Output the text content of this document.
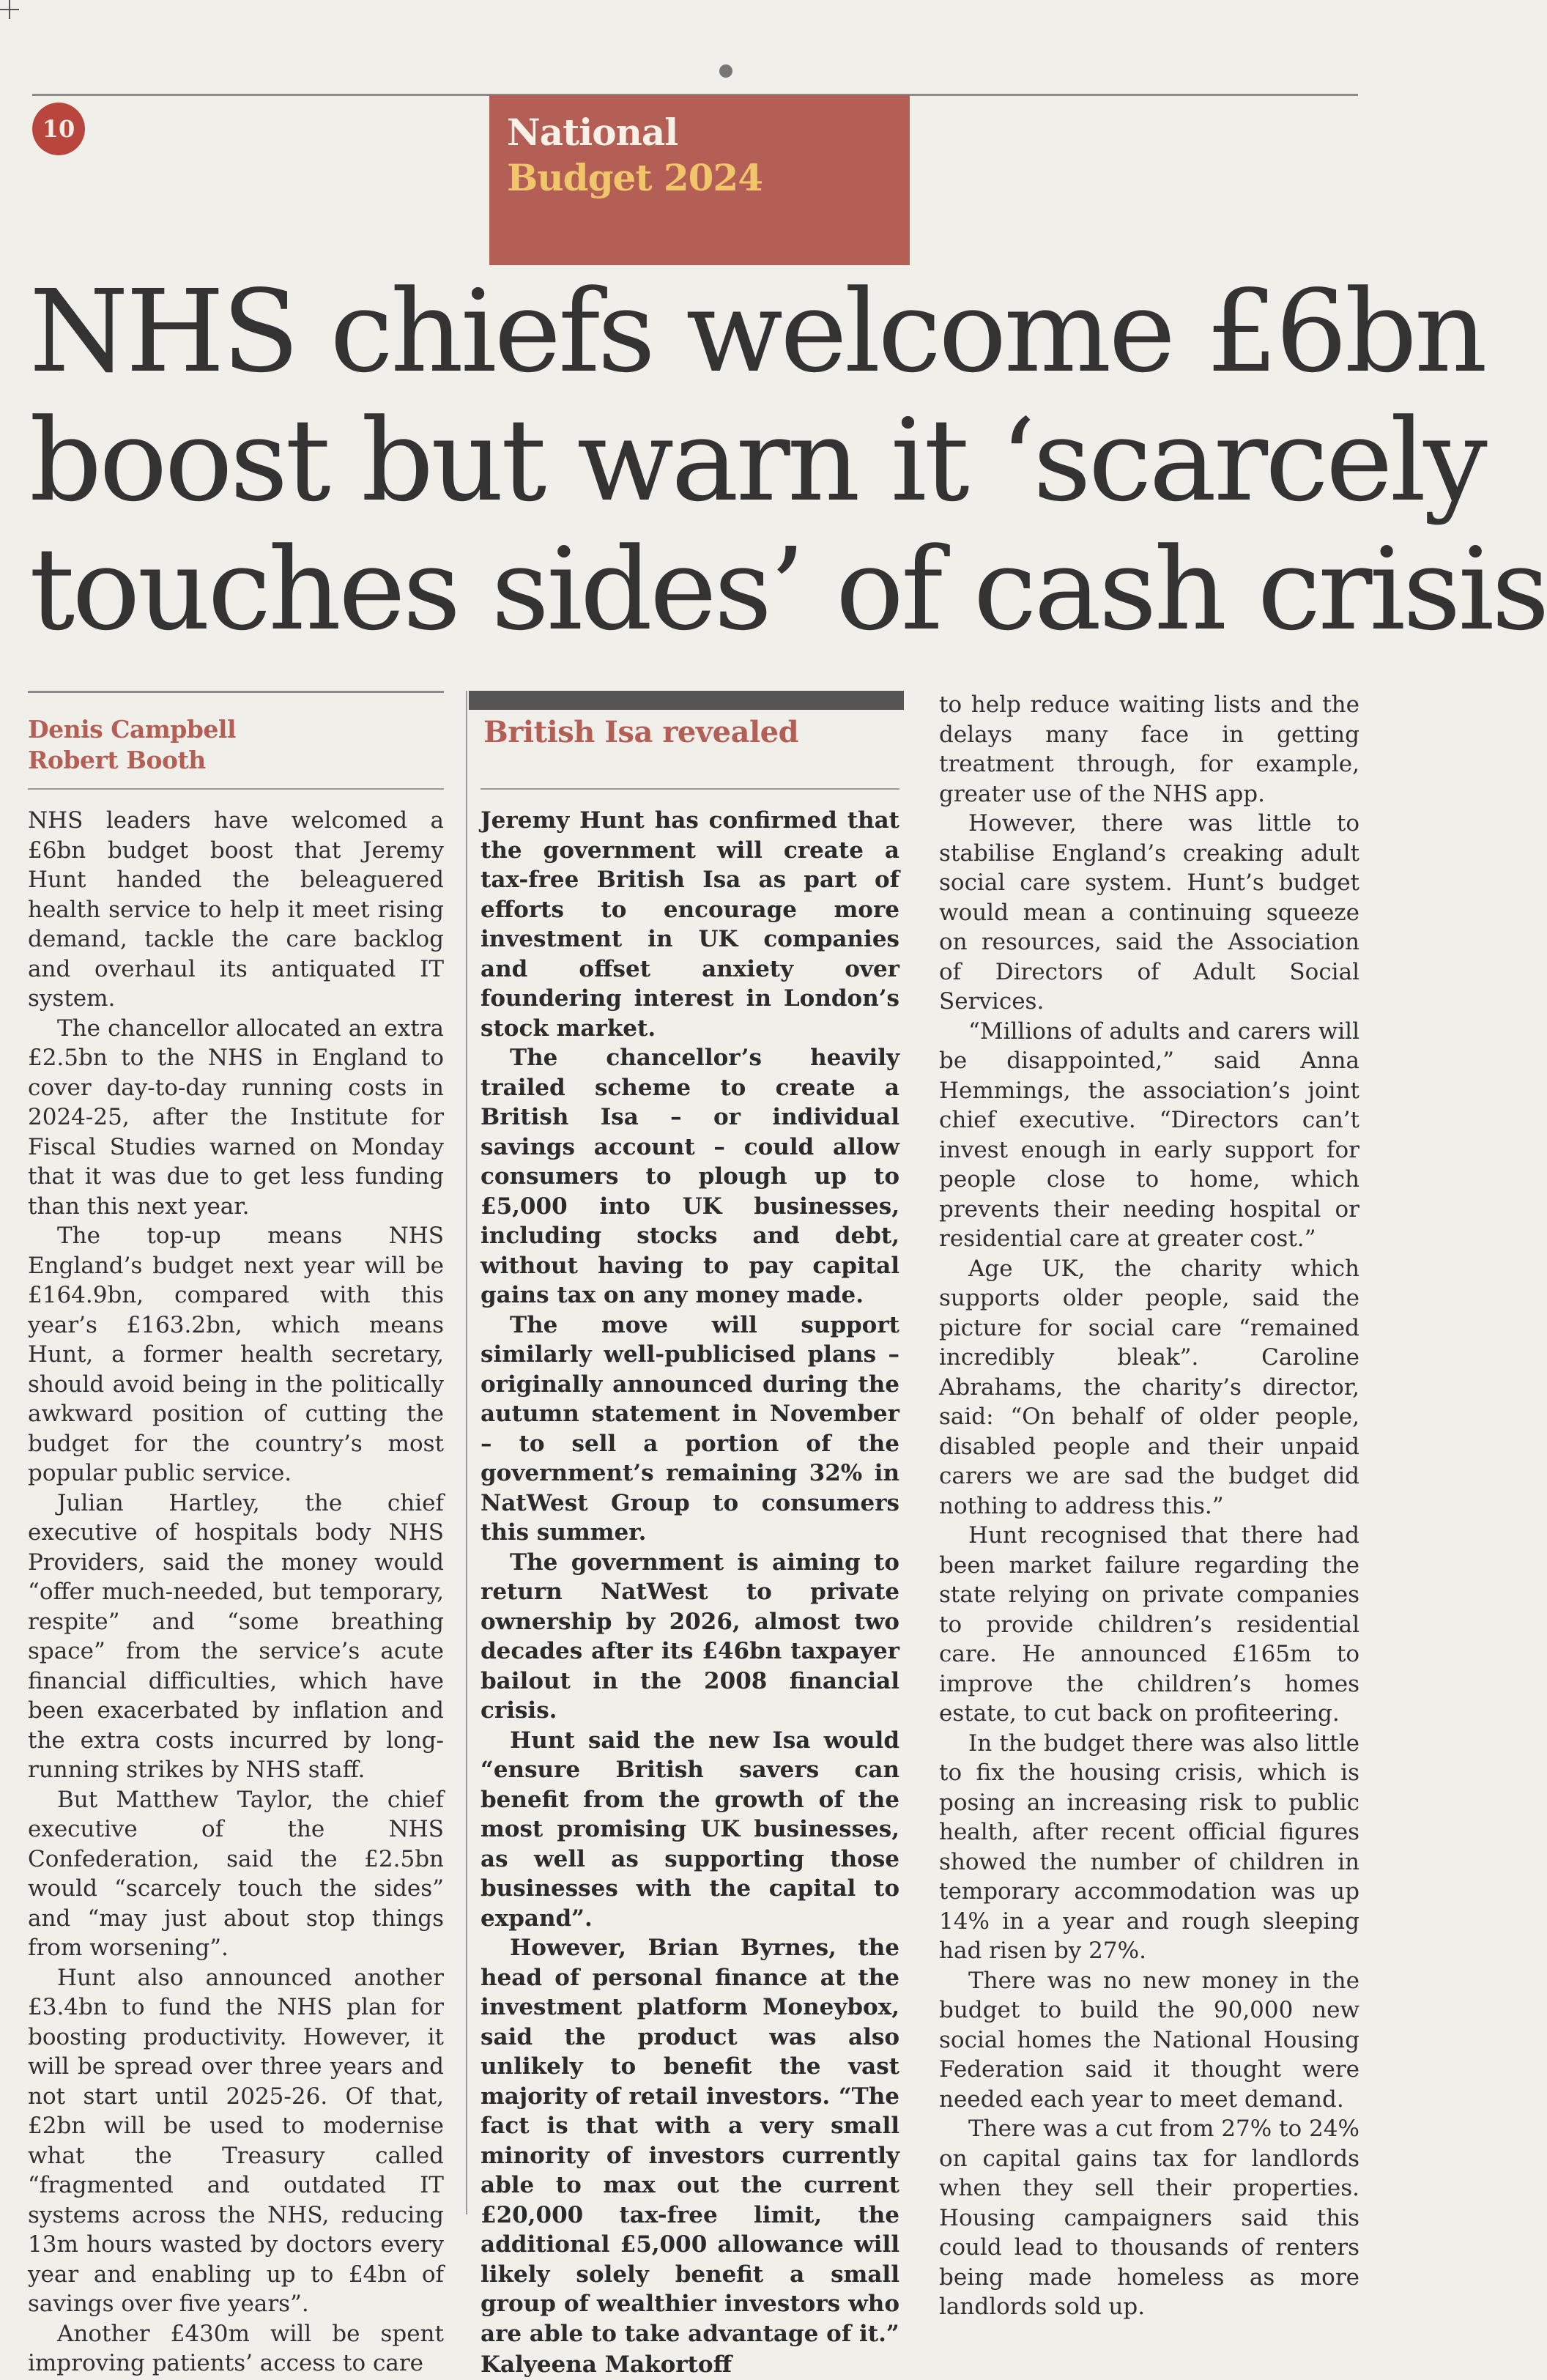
10	National
Budget 2024
NHS chiefs welcome £6bn
boost but warn it ‘scarcely
touches sides’ of cash crisis
Denis Campbell
Robert Booth

NHS leaders have welcomed a £6bn budget boost that Jeremy Hunt handed the beleaguered health service to help it meet rising demand, tackle the care backlog and overhaul its antiquated IT system.

The chancellor allocated an extra £2.5bn to the NHS in England to cover day-to-day running costs in 2024-25, after the Institute for Fiscal Studies warned on Monday that it was due to get less funding than this next year.

The top-up means NHS England’s budget next year will be £164.9bn, compared with this year’s £163.2bn, which means Hunt, a former health secretary, should avoid being in the politically awkward position of cutting the budget for the country’s most popular public service.

Julian Hartley, the chief executive of hospitals body NHS Providers, said the money would “offer much-needed, but temporary, respite” and “some breathing space” from the service’s acute financial difficulties, which have been exacerbated by inflation and the extra costs incurred by long-running strikes by NHS staff.

But Matthew Taylor, the chief executive of the NHS Confederation, said the £2.5bn would “scarcely touch the sides” and “may just about stop things from worsening”.

Hunt also announced another £3.4bn to fund the NHS plan for boosting productivity. However, it will be spread over three years and not start until 2025-26. Of that, £2bn will be used to modernise what the Treasury called “fragmented and outdated IT systems across the NHS, reducing 13m hours wasted by doctors every year and enabling up to £4bn of savings over five years”.

Another £430m will be spent improving patients’ access to care

British Isa revealed

Jeremy Hunt has confirmed that the government will create a tax-free British Isa as part of efforts to encourage more investment in UK companies and offset anxiety over foundering interest in London’s stock market.

The chancellor’s heavily trailed scheme to create a British Isa – or individual savings account – could allow consumers to plough up to £5,000 into UK businesses, including stocks and debt, without having to pay capital gains tax on any money made.

The move will support similarly well-publicised plans – originally announced during the autumn statement in November – to sell a portion of the government’s remaining 32% in NatWest Group to consumers this summer.

The government is aiming to return NatWest to private ownership by 2026, almost two decades after its £46bn taxpayer bailout in the 2008 financial crisis.

Hunt said the new Isa would “ensure British savers can benefit from the growth of the most promising UK businesses, as well as supporting those businesses with the capital to expand”.

However, Brian Byrnes, the head of personal finance at the investment platform Moneybox, said the product was also unlikely to benefit the vast majority of retail investors. “The fact is that with a very small minority of investors currently able to max out the current £20,000 tax-free limit, the additional £5,000 allowance will likely solely benefit a small group of wealthier investors who are able to take advantage of it.”

Kalyeena Makortoff

to help reduce waiting lists and the delays many face in getting treatment through, for example, greater use of the NHS app.

However, there was little to stabilise England’s creaking adult social care system. Hunt’s budget would mean a continuing squeeze on resources, said the Association of Directors of Adult Social Services.

“Millions of adults and carers will be disappointed,” said Anna Hemmings, the association’s joint chief executive. “Directors can’t invest enough in early support for people close to home, which prevents their needing hospital or residential care at greater cost.”

Age UK, the charity which supports older people, said the picture for social care “remained incredibly bleak”. Caroline Abrahams, the charity’s director, said: “On behalf of older people, disabled people and their unpaid carers we are sad the budget did nothing to address this.”

Hunt recognised that there had been market failure regarding the state relying on private companies to provide children’s residential care. He announced £165m to improve the children’s homes estate, to cut back on profiteering.

In the budget there was also little to fix the housing crisis, which is posing an increasing risk to public health, after recent official figures showed the number of children in temporary accommodation was up 14% in a year and rough sleeping had risen by 27%.

There was no new money in the budget to build the 90,000 new social homes the National Housing Federation said it thought were needed each year to meet demand.

There was a cut from 27% to 24% on capital gains tax for landlords when they sell their properties. Housing campaigners said this could lead to thousands of renters being made homeless as more landlords sold up.
